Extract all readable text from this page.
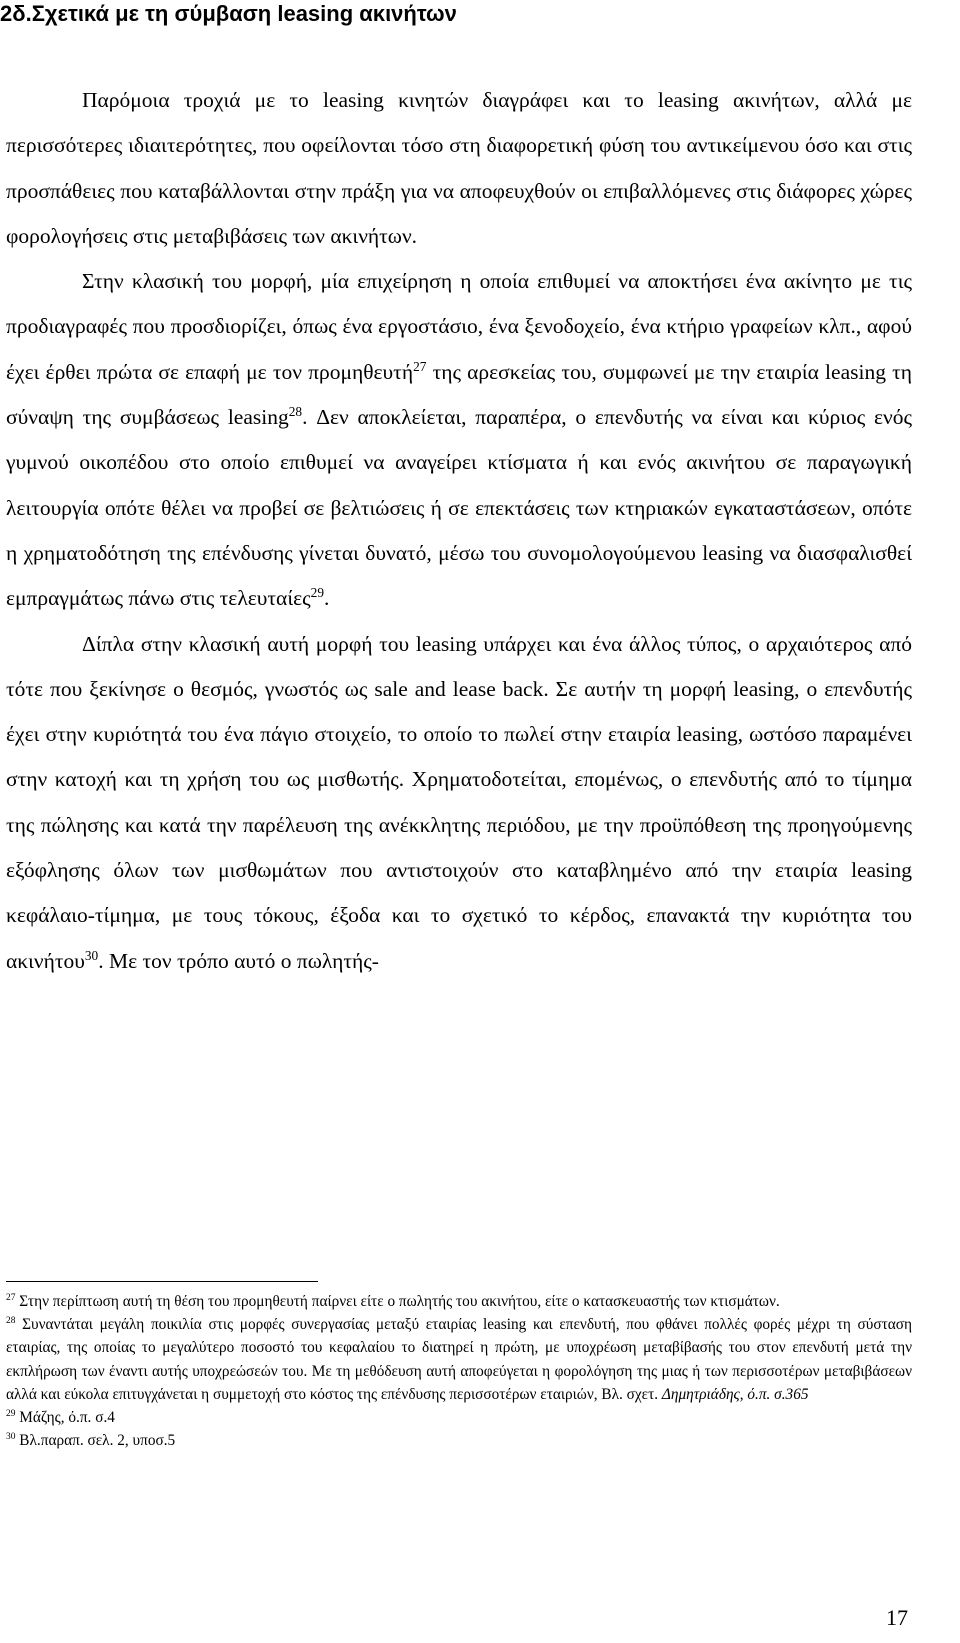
2δ.Σχετικά με τη σύμβαση leasing ακινήτων

Παρόμοια τροχιά με το leasing κινητών διαγράφει και το leasing ακινήτων, αλλά με περισσότερες ιδιαιτερότητες, που οφείλονται τόσο στη διαφορετική φύση του αντικείμενου όσο και στις προσπάθειες που καταβάλλονται στην πράξη για να αποφευχθούν οι επιβαλλόμενες στις διάφορες χώρες φορολογήσεις στις μεταβιβάσεις των ακινήτων.

Στην κλασική του μορφή, μία επιχείρηση η οποία επιθυμεί να αποκτήσει ένα ακίνητο με τις προδιαγραφές που προσδιορίζει, όπως ένα εργοστάσιο, ένα ξενοδοχείο, ένα κτήριο γραφείων κλπ., αφού έχει έρθει πρώτα σε επαφή με τον προμηθευτή$^{27}$ της αρεσκείας του, συμφωνεί με την εταιρία leasing τη σύναψη της συμβάσεως leasing$^{28}$. Δεν αποκλείεται, παραπέρα, ο επενδυτής να είναι και κύριος ενός γυμνού οικοπέδου στο οποίο επιθυμεί να αναγείρει κτίσματα ή και ενός ακινήτου σε παραγωγική λειτουργία οπότε θέλει να προβεί σε βελτιώσεις ή σε επεκτάσεις των κτηριακών εγκαταστάσεων, οπότε η χρηματοδότηση της επένδυσης γίνεται δυνατό, μέσω του συνομολογούμενου leasing να διασφαλισθεί εμπραγμάτως πάνω στις τελευταίες$^{29}$.

Δίπλα στην κλασική αυτή μορφή του leasing υπάρχει και ένα άλλος τύπος, ο αρχαιότερος από τότε που ξεκίνησε ο θεσμός, γνωστός ως sale and lease back. Σε αυτήν τη μορφή leasing, ο επενδυτής έχει στην κυριότητά του ένα πάγιο στοιχείο, το οποίο το πωλεί στην εταιρία leasing, ωστόσο παραμένει στην κατοχή και τη χρήση του ως μισθωτής. Χρηματοδοτείται, επομένως, ο επενδυτής από το τίμημα της πώλησης και κατά την παρέλευση της ανέκκλητης περιόδου, με την προϋπόθεση της προηγούμενης εξόφλησης όλων των μισθωμάτων που αντιστοιχούν στο καταβλημένο από την εταιρία leasing κεφάλαιο-τίμημα, με τους τόκους, έξοδα και το σχετικό το κέρδος, επανακτά την κυριότητα του ακινήτου$^{30}$. Με τον τρόπο αυτό ο πωλητής-

$^{27}$ Στην περίπτωση αυτή τη θέση του προμηθευτή παίρνει είτε ο πωλητής του ακινήτου, είτε ο κατασκευαστής των κτισμάτων.

$^{28}$ Συναντάται μεγάλη ποικιλία στις μορφές συνεργασίας μεταξύ εταιρίας leasing και επενδυτή, που φθάνει πολλές φορές μέχρι τη σύσταση εταιρίας, της οποίας το μεγαλύτερο ποσοστό του κεφαλαίου το διατηρεί η πρώτη, με υποχρέωση μεταβίβασής του στον επενδυτή μετά την εκπλήρωση των έναντι αυτής υποχρεώσεών του. Με τη μεθόδευση αυτή αποφεύγεται η φορολόγηση της μιας ή των περισσοτέρων μεταβιβάσεων αλλά και εύκολα επιτυγχάνεται η συμμετοχή στο κόστος της επένδυσης περισσοτέρων εταιριών, Βλ. σχετ. Δημητριάδης, ό.π. σ.365

$^{29}$ Μάζης, ό.π. σ.4

$^{30}$ Βλ.παραπ. σελ. 2, υποσ.5

17
